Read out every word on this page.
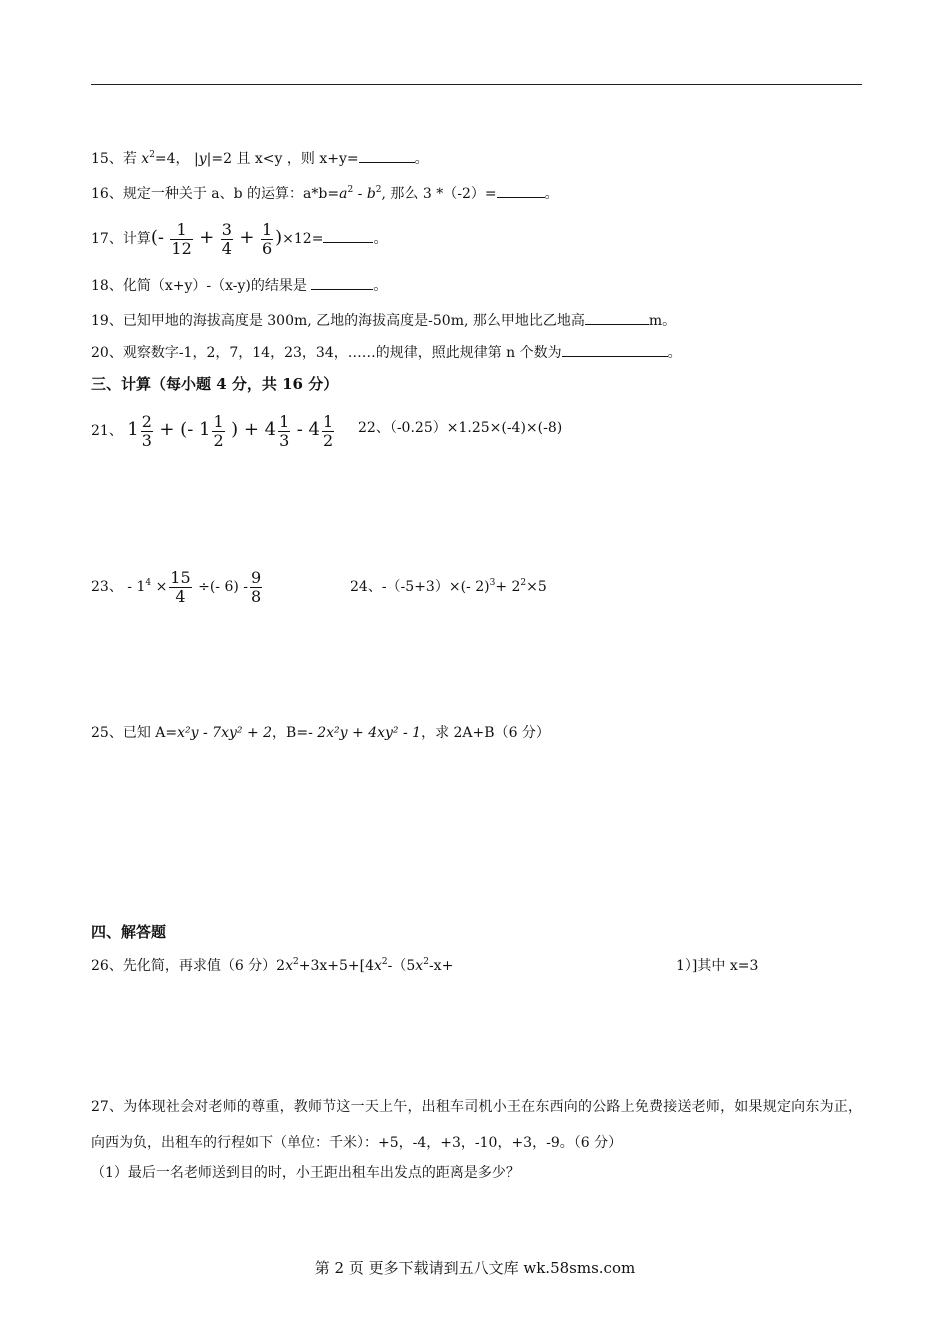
15、若 $x^2=4$， |y|=2 且 x<y ，则 x+y=	。
16、规定一种关于 a、b 的运算：$a*b=a^2 - b^2$, 那么 3 *（-2）=	。
17、计算(- $\frac{1}{12} + \frac{3}{4} + \frac{1}{6} )\times 12=$	。
18、化简（x+y）-（x-y)的结果是	。
19、已知甲地的海拔高度是 300m, 乙地的海拔高度是-50m, 那么甲地比乙地高	m。
20、观察数字-1，2，7，14，23，34，……的规律，照此规律第 n 个数为	。
三、计算（每小题 4 分，共 16 分）
21、 $1 \frac{2}{3}$ + (- $1 \frac{1}{2}$ ) + $4 \frac{1}{3} - 4 \frac{1}{2} 22$、（-0.25）×1.25×(-4)×(-8)
23、 - $1^4 \times \frac{15}{4}$ ÷(- $6) - \frac{9}{8}$	24、-（-5+3）×(- $2)^3+ 2^2\times 5$
25、已知 A=x²y - 7xy² + 2，B=- 2x²y + 4xy² - 1，求 2A+B（6 分）
四、解答题
26、先化简，再求值（6 分）$2x^2+3x+5+[4x^2-(5x^2-x+$	1）]其中 x=3
27、为体现社会对老师的尊重，教师节这一天上午，出租车司机小王在东西向的公路上免费接送老师，如果规定向东为正，向西为负，出租车的行程如下（单位：千米）：+5，-4，+3，-10，+3，-9。（6 分）
（1）最后一名老师送到目的时，小王距出租车出发点的距离是多少？
第 2 页 更多下载请到五八文库 wk.58sms.com
